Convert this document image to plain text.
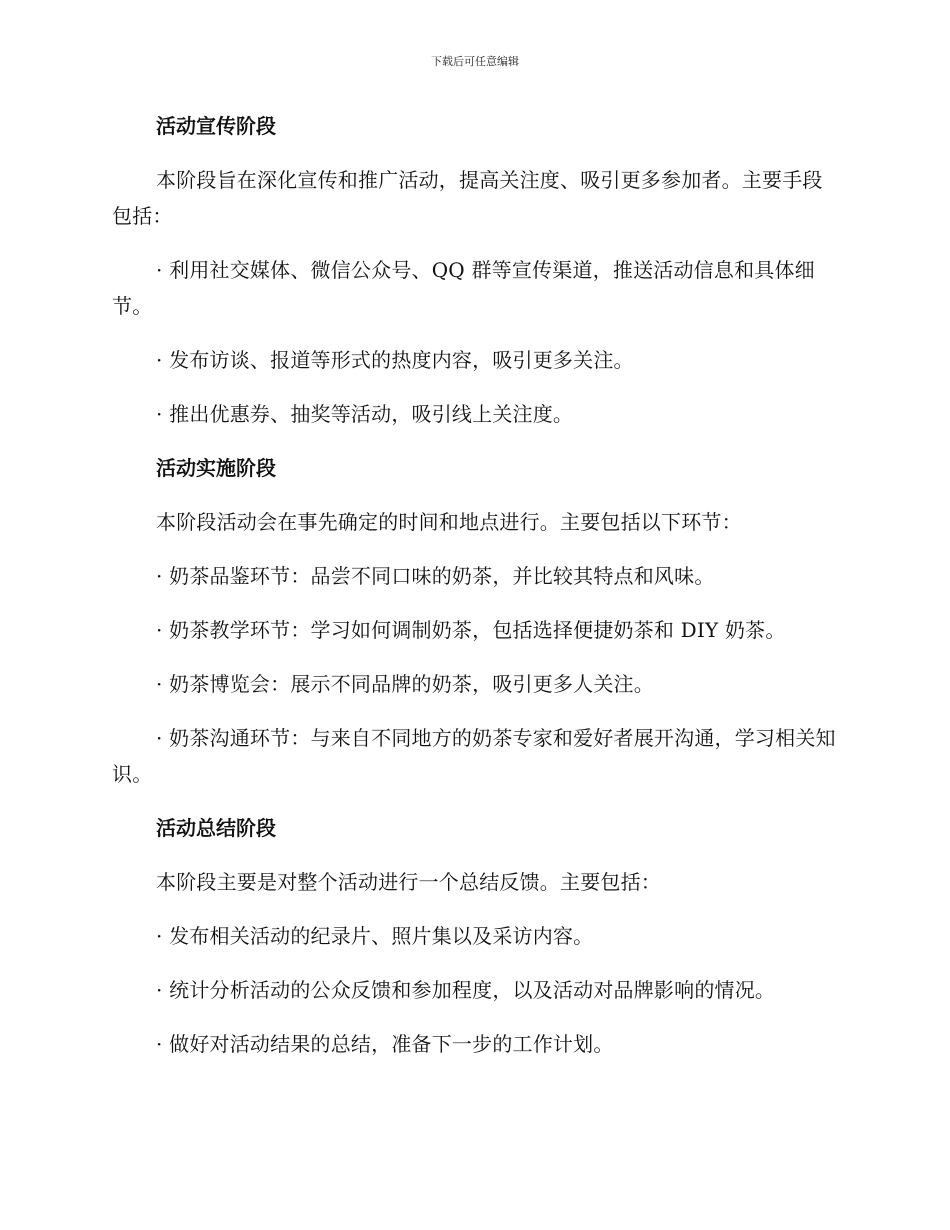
下载后可任意编辑
活动宣传阶段
本阶段旨在深化宣传和推广活动，提高关注度、吸引更多参加者。主要手段包括：
· 利用社交媒体、微信公众号、QQ 群等宣传渠道，推送活动信息和具体细节。
· 发布访谈、报道等形式的热度内容，吸引更多关注。
· 推出优惠券、抽奖等活动，吸引线上关注度。
活动实施阶段
本阶段活动会在事先确定的时间和地点进行。主要包括以下环节：
· 奶茶品鉴环节：品尝不同口味的奶茶，并比较其特点和风味。
· 奶茶教学环节：学习如何调制奶茶，包括选择便捷奶茶和 DIY 奶茶。
· 奶茶博览会：展示不同品牌的奶茶，吸引更多人关注。
· 奶茶沟通环节：与来自不同地方的奶茶专家和爱好者展开沟通，学习相关知识。
活动总结阶段
本阶段主要是对整个活动进行一个总结反馈。主要包括：
· 发布相关活动的纪录片、照片集以及采访内容。
· 统计分析活动的公众反馈和参加程度，以及活动对品牌影响的情况。
· 做好对活动结果的总结，准备下一步的工作计划。
